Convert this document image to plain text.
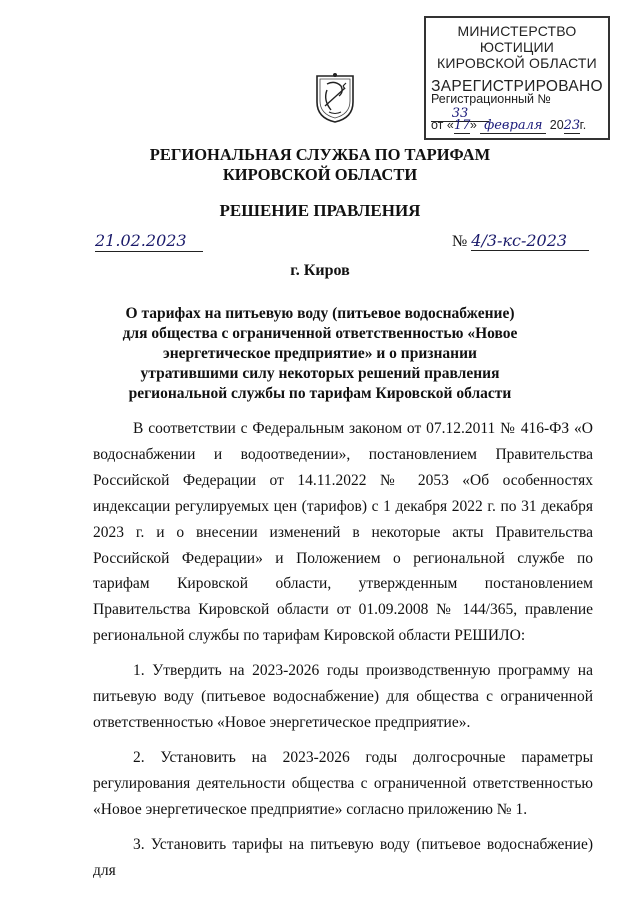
МИНИСТЕРСТВО ЮСТИЦИИ
КИРОВСКОЙ ОБЛАСТИ
ЗАРЕГИСТРИРОВАНО
Регистрационный № 33
от «17» февраля 2023г.
РЕГИОНАЛЬНАЯ СЛУЖБА ПО ТАРИФАМ
КИРОВСКОЙ ОБЛАСТИ
РЕШЕНИЕ ПРАВЛЕНИЯ
21.02.2023	№ 4/3-кс-2023
г. Киров
О тарифах на питьевую воду (питьевое водоснабжение) для общества с ограниченной ответственностью «Новое энергетическое предприятие» и о признании утратившими силу некоторых решений правления региональной службы по тарифам Кировской области

В соответствии с Федеральным законом от 07.12.2011 № 416-ФЗ «О водоснабжении и водоотведении», постановлением Правительства Российской Федерации от 14.11.2022 № 2053 «Об особенностях индексации регулируемых цен (тарифов) с 1 декабря 2022 г. по 31 декабря 2023 г. и о внесении изменений в некоторые акты Правительства Российской Федерации» и Положением о региональной службе по тарифам Кировской области, утвержденным постановлением Правительства Кировской области от 01.09.2008 № 144/365, правление региональной службы по тарифам Кировской области РЕШИЛО:

1. Утвердить на 2023-2026 годы производственную программу на питьевую воду (питьевое водоснабжение) для общества с ограниченной ответственностью «Новое энергетическое предприятие».

2. Установить на 2023-2026 годы долгосрочные параметры регулирования деятельности общества с ограниченной ответственностью «Новое энергетическое предприятие» согласно приложению № 1.

3. Установить тарифы на питьевую воду (питьевое водоснабжение) для
